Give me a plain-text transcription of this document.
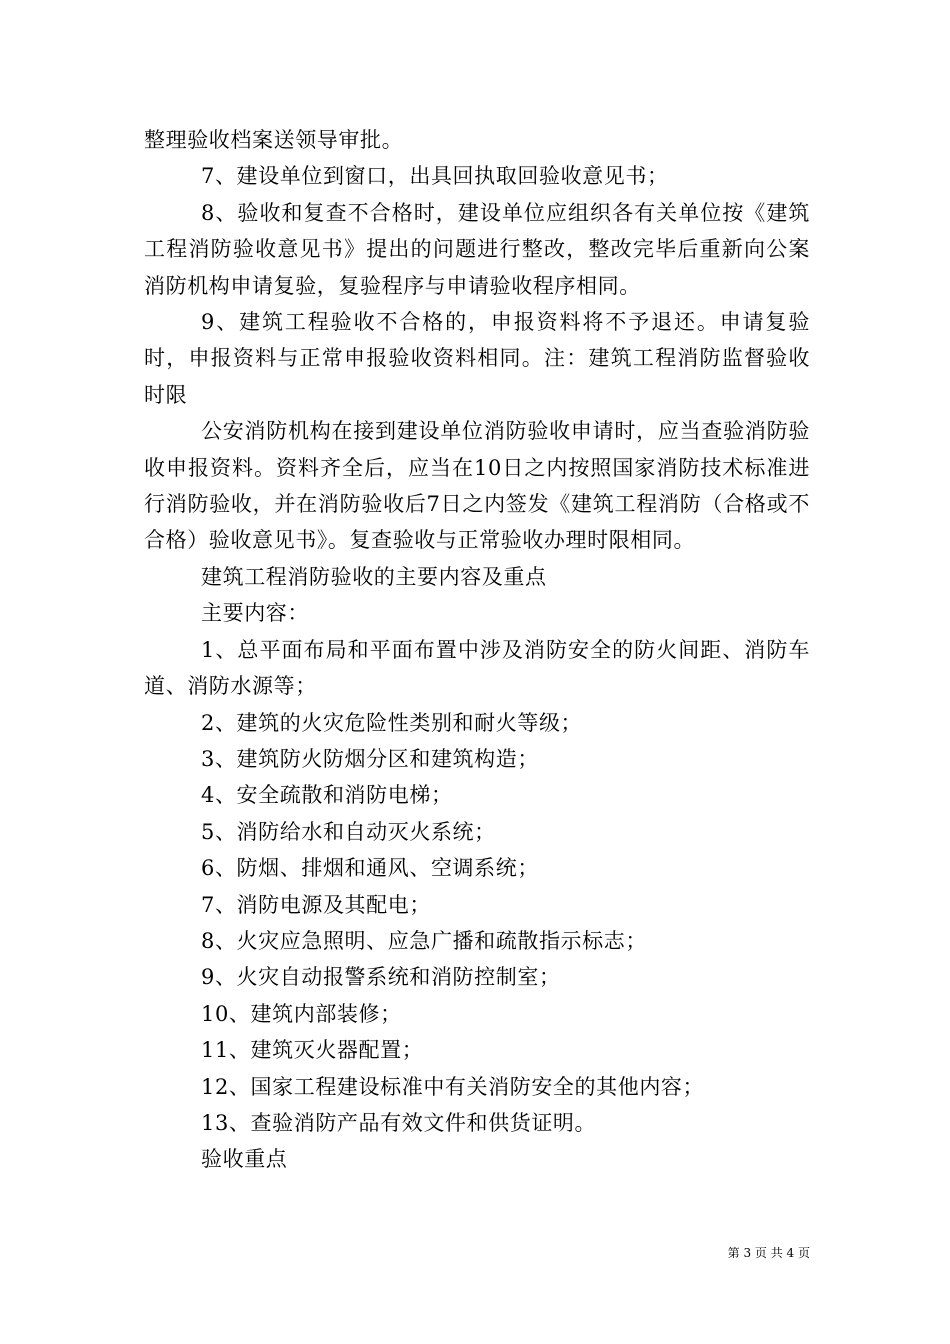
整理验收档案送领导审批。

7、建设单位到窗口，出具回执取回验收意见书；

8、验收和复查不合格时，建设单位应组织各有关单位按《建筑工程消防验收意见书》提出的问题进行整改，整改完毕后重新向公案消防机构申请复验，复验程序与申请验收程序相同。

9、建筑工程验收不合格的，申报资料将不予退还。申请复验时，申报资料与正常申报验收资料相同。注：建筑工程消防监督验收时限

公安消防机构在接到建设单位消防验收申请时，应当查验消防验收申报资料。资料齐全后，应当在10日之内按照国家消防技术标准进行消防验收，并在消防验收后7日之内签发《建筑工程消防（合格或不合格）验收意见书》。复查验收与正常验收办理时限相同。

建筑工程消防验收的主要内容及重点

主要内容：

1、总平面布局和平面布置中涉及消防安全的防火间距、消防车道、消防水源等；

2、建筑的火灾危险性类别和耐火等级；

3、建筑防火防烟分区和建筑构造；

4、安全疏散和消防电梯；

5、消防给水和自动灭火系统；

6、防烟、排烟和通风、空调系统；

7、消防电源及其配电；

8、火灾应急照明、应急广播和疏散指示标志；

9、火灾自动报警系统和消防控制室；

10、建筑内部装修；

11、建筑灭火器配置；

12、国家工程建设标准中有关消防安全的其他内容；

13、查验消防产品有效文件和供货证明。

验收重点

第 3 页 共 4 页
